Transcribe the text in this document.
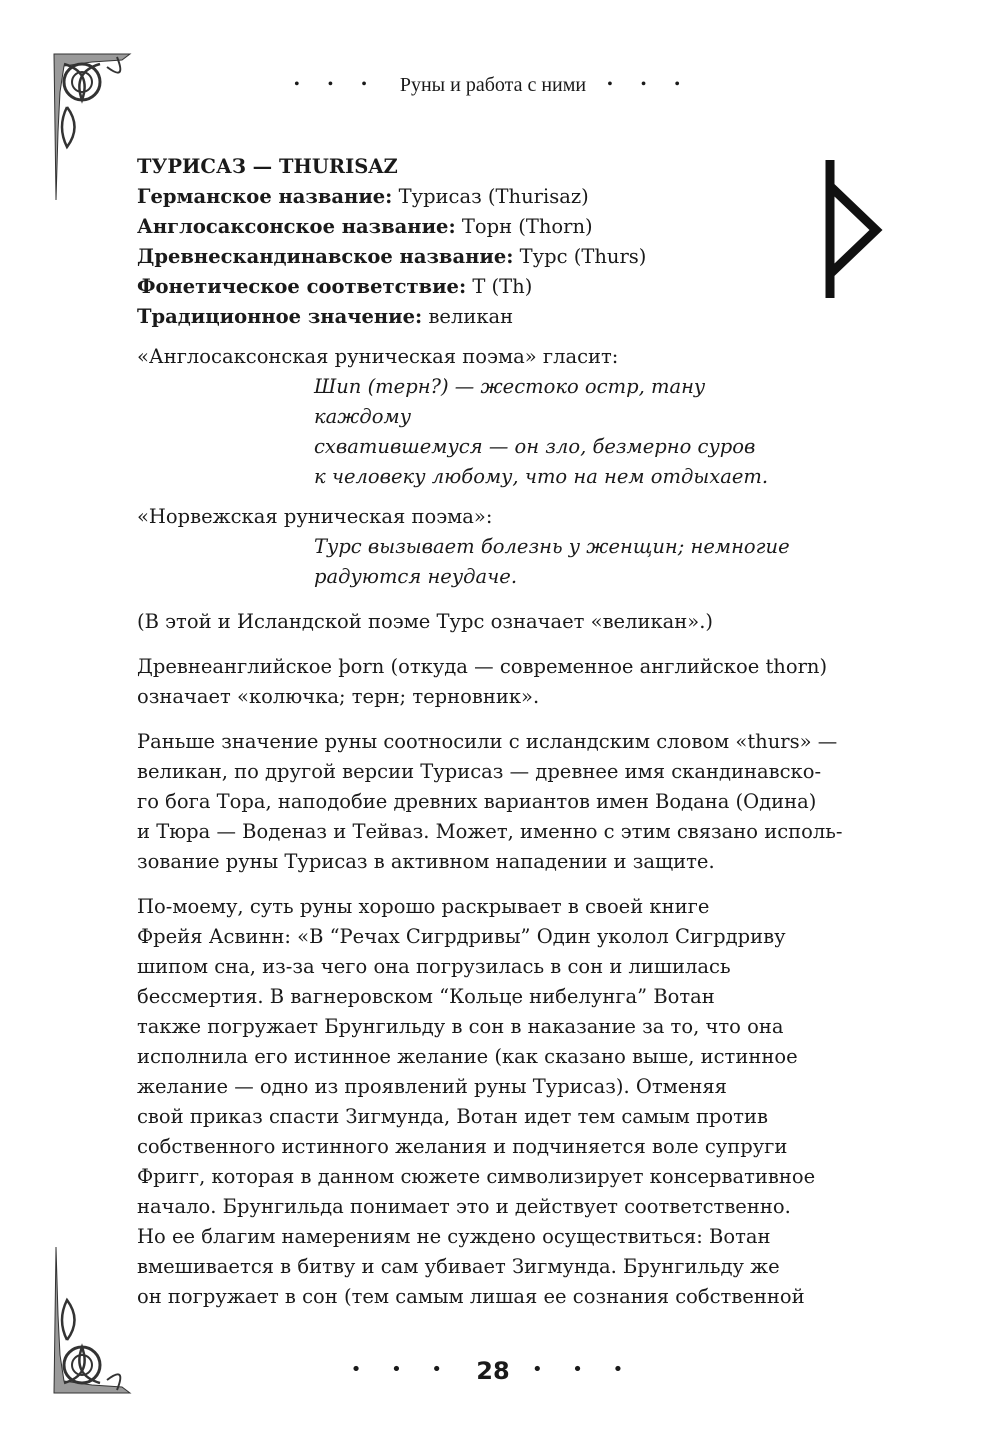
• • • Руны и работа с ними • • •

ТУРИСАЗ — THURISAZ

Германское название: Турисаз (Thurisaz)

Англосаксонское название: Торн (Thorn)

Древнескандинавское название: Турс (Thurs)

Фонетическое соответствие: T (Th)

Традиционное значение: великан

«Англосаксонская руническая поэма» гласит:

Шип (терн?) — жестоко остр, тану

каждому

схватившемуся — он зло, безмерно суров

к человеку любому, что на нем отдыхает.

«Норвежская руническая поэма»:

Турс вызывает болезнь у женщин; немногие

радуются неудаче.

(В этой и Исландской поэме Турс означает «великан».)

Древнеанглийское þorn (откуда — современное английское thorn)
означает «колючка; терн; терновник».

Раньше значение руны соотносили с исландским словом «thurs» —
великан, по другой версии Турисаз — древнее имя скандинавско-
го бога Тора, наподобие древних вариантов имен Водана (Одина)
и Тюра — Воденаз и Тейваз. Может, именно с этим связано исполь-
зование руны Турисаз в активном нападении и защите.

По-моему, суть руны хорошо раскрывает в своей книге
Фрейя Асвинн: «В “Речах Сигрдривы” Один уколол Сигрдриву
шипом сна, из-за чего она погрузилась в сон и лишилась
бессмертия. В вагнеровском “Кольце нибелунга” Вотан
также погружает Брунгильду в сон в наказание за то, что она
исполнила его истинное желание (как сказано выше, истинное
желание — одно из проявлений руны Турисаз). Отменяя
свой приказ спасти Зигмунда, Вотан идет тем самым против
собственного истинного желания и подчиняется воле супруги
Фригг, которая в данном сюжете символизирует консервативное
начало. Брунгильда понимает это и действует соответственно.
Но ее благим намерениям не суждено осуществиться: Вотан
вмешивается в битву и сам убивает Зигмунда. Брунгильду же
он погружает в сон (тем самым лишая ее сознания собственной

• • • 28 • • •
